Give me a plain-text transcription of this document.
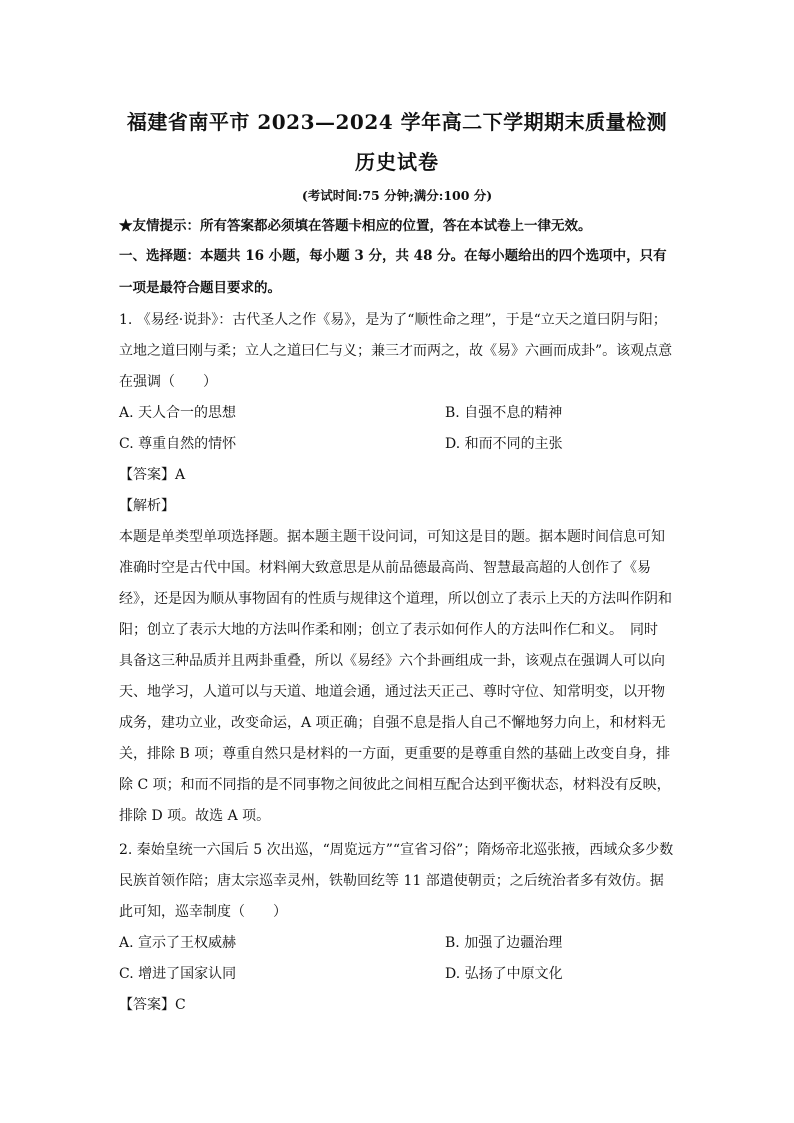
福建省南平市 2023—2024 学年高二下学期期末质量检测
历史试卷
(考试时间:75 分钟;满分:100 分)
★友情提示：所有答案都必须填在答题卡相应的位置，答在本试卷上一律无效。
一、选择题：本题共 16 小题，每小题 3 分，共 48 分。在每小题给出的四个选项中，只有
一项是最符合题目要求的。
1. 《易经·说卦》：古代圣人之作《易》，是为了“顺性命之理”，于是“立天之道曰阴与阳；
立地之道曰刚与柔；立人之道曰仁与义；兼三才而两之，故《易》六画而成卦”。该观点意
在强调（　　）
A. 天人合一的思想	B. 自强不息的精神
C. 尊重自然的情怀	D. 和而不同的主张
【答案】A
【解析】
本题是单类型单项选择题。据本题主题干设问词，可知这是目的题。据本题时间信息可知
准确时空是古代中国。材料阐大致意思是从前品德最高尚、智慧最高超的人创作了《易
经》，还是因为顺从事物固有的性质与规律这个道理，所以创立了表示上天的方法叫作阴和
阳；创立了表示大地的方法叫作柔和刚；创立了表示如何作人的方法叫作仁和义。　同时
具备这三种品质并且两卦重叠，所以《易经》六个卦画组成一卦，该观点在强调人可以向
天、地学习，人道可以与天道、地道会通，通过法天正己、尊时守位、知常明变，以开物
成务，建功立业，改变命运，A 项正确；自强不息是指人自己不懈地努力向上，和材料无
关，排除 B 项；尊重自然只是材料的一方面，更重要的是尊重自然的基础上改变自身，排
除 C 项；和而不同指的是不同事物之间彼此之间相互配合达到平衡状态，材料没有反映，
排除 D 项。故选 A 项。
2. 秦始皇统一六国后 5 次出巡，“周览远方”“宣省习俗”；隋炀帝北巡张掖，西域众多少数
民族首领作陪；唐太宗巡幸灵州，铁勒回纥等 11 部遣使朝贡；之后统治者多有效仿。据
此可知，巡幸制度（　　）
A. 宣示了王权威赫	B. 加强了边疆治理
C. 增进了国家认同	D. 弘扬了中原文化
【答案】C
